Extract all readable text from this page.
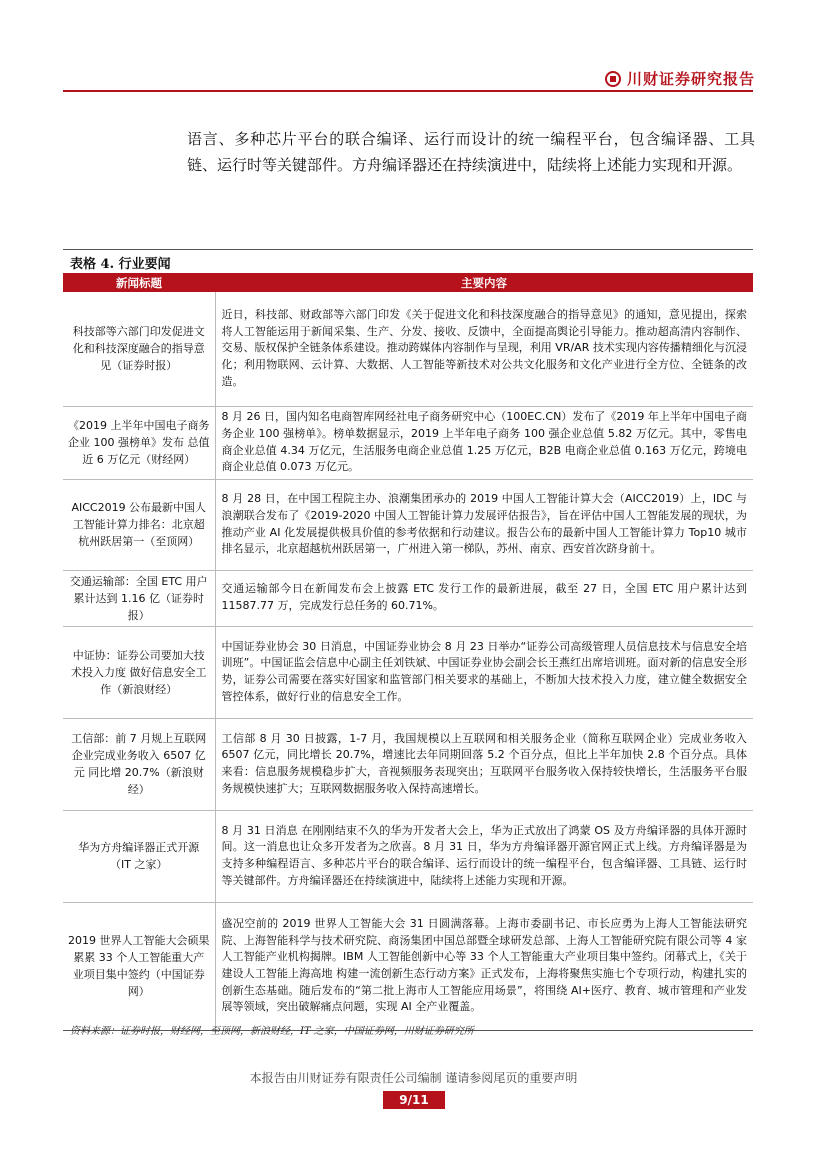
川财证券研究报告

语言、多种芯片平台的联合编译、运行而设计的统一编程平台，包含编译器、工具链、运行时等关键部件。方舟编译器还在持续演进中，陆续将上述能力实现和开源。

表格 4. 行业要闻
新闻标题	主要内容
科技部等六部门印发促进文化和科技深度融合的指导意见（证券时报）	近日，科技部、财政部等六部门印发《关于促进文化和科技深度融合的指导意见》的通知，意见提出，探索将人工智能运用于新闻采集、生产、分发、接收、反馈中，全面提高舆论引导能力。推动超高清内容制作、交易、版权保护全链条体系建设。推动跨媒体内容制作与呈现，利用 VR/AR 技术实现内容传播精细化与沉浸化；利用物联网、云计算、大数据、人工智能等新技术对公共文化服务和文化产业进行全方位、全链条的改造。
《2019 上半年中国电子商务企业 100 强榜单》发布 总值近 6 万亿元（财经网）	8 月 26 日，国内知名电商智库网经社电子商务研究中心（100EC.CN）发布了《2019 年上半年中国电子商务企业 100 强榜单》。榜单数据显示，2019 上半年电子商务 100 强企业总值 5.82 万亿元。其中，零售电商企业总值 4.34 万亿元，生活服务电商企业总值 1.25 万亿元，B2B 电商企业总值 0.163 万亿元，跨境电商企业总值 0.073 万亿元。
AICC2019 公布最新中国人工智能计算力排名：北京超杭州跃居第一（至顶网）	8 月 28 日，在中国工程院主办、浪潮集团承办的 2019 中国人工智能计算大会（AICC2019）上，IDC 与浪潮联合发布了《2019-2020 中国人工智能计算力发展评估报告》，旨在评估中国人工智能发展的现状，为推动产业 AI 化发展提供极具价值的参考依据和行动建议。报告公布的最新中国人工智能计算力 Top10 城市排名显示，北京超越杭州跃居第一，广州进入第一梯队，苏州、南京、西安首次跻身前十。
交通运输部：全国 ETC 用户累计达到 1.16 亿（证券时报）	交通运输部今日在新闻发布会上披露 ETC 发行工作的最新进展，截至 27 日，全国 ETC 用户累计达到 11587.77 万，完成发行总任务的 60.71%。
中证协：证券公司要加大技术投入力度 做好信息安全工作（新浪财经）	中国证券业协会 30 日消息，中国证券业协会 8 月 23 日举办“证券公司高级管理人员信息技术与信息安全培训班”。中国证监会信息中心副主任刘铁斌、中国证券业协会副会长王燕红出席培训班。面对新的信息安全形势，证券公司需要在落实好国家和监管部门相关要求的基础上，不断加大技术投入力度，建立健全数据安全管控体系，做好行业的信息安全工作。
工信部：前 7 月规上互联网企业完成业务收入 6507 亿元 同比增 20.7%（新浪财经）	工信部 8 月 30 日披露，1-7 月，我国规模以上互联网和相关服务企业（简称互联网企业）完成业务收入 6507 亿元，同比增长 20.7%，增速比去年同期回落 5.2 个百分点，但比上半年加快 2.8 个百分点。具体来看：信息服务规模稳步扩大，音视频服务表现突出；互联网平台服务收入保持较快增长，生活服务平台服务规模快速扩大；互联网数据服务收入保持高速增长。
华为方舟编译器正式开源（IT 之家）	8 月 31 日消息 在刚刚结束不久的华为开发者大会上，华为正式放出了鸿蒙 OS 及方舟编译器的具体开源时间。这一消息也让众多开发者为之欣喜。8 月 31 日，华为方舟编译器开源官网正式上线。方舟编译器是为支持多种编程语言、多种芯片平台的联合编译、运行而设计的统一编程平台，包含编译器、工具链、运行时等关键部件。方舟编译器还在持续演进中，陆续将上述能力实现和开源。
2019 世界人工智能大会硕果累累 33 个人工智能重大产业项目集中签约（中国证券网）	盛况空前的 2019 世界人工智能大会 31 日圆满落幕。上海市委副书记、市长应勇为上海人工智能法研究院、上海智能科学与技术研究院、商汤集团中国总部暨全球研发总部、上海人工智能研究院有限公司等 4 家人工智能产业机构揭牌。IBM 人工智能创新中心等 33 个人工智能重大产业项目集中签约。闭幕式上，《关于建设人工智能上海高地 构建一流创新生态行动方案》正式发布，上海将聚焦实施七个专项行动，构建扎实的创新生态基础。随后发布的“第二批上海市人工智能应用场景”，将围绕 AI+医疗、教育、城市管理和产业发展等领域，突出破解痛点问题，实现 AI 全产业覆盖。
资料来源：证券时报，财经网，至顶网，新浪财经，IT 之家，中国证券网，川财证券研究所
本报告由川财证券有限责任公司编制 谨请参阅尾页的重要声明
9/11
